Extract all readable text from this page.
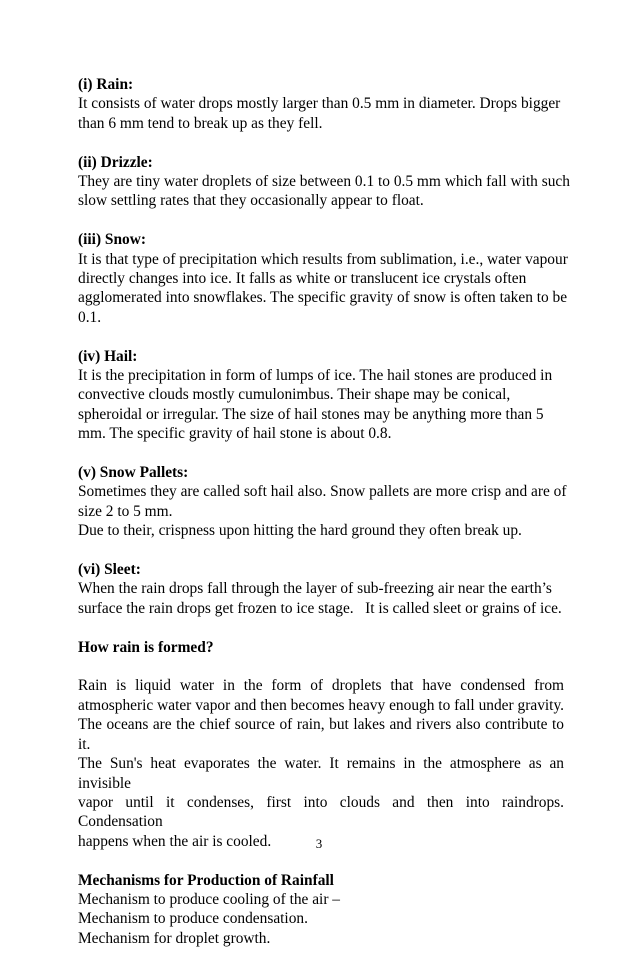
(i) Rain:
It consists of water drops mostly larger than 0.5 mm in diameter. Drops bigger
than 6 mm tend to break up as they fell.
(ii) Drizzle:
They are tiny water droplets of size between 0.1 to 0.5 mm which fall with such
slow settling rates that they occasionally appear to float.
(iii) Snow:
It is that type of precipitation which results from sublimation, i.e., water vapour
directly changes into ice. It falls as white or translucent ice crystals often
agglomerated into snowflakes. The specific gravity of snow is often taken to be
0.1.
(iv) Hail:
It is the precipitation in form of lumps of ice. The hail stones are produced in
convective clouds mostly cumulonimbus. Their shape may be conical,
spheroidal or irregular. The size of hail stones may be anything more than 5
mm. The specific gravity of hail stone is about 0.8.
(v) Snow Pallets:
Sometimes they are called soft hail also. Snow pallets are more crisp and are of
size 2 to 5 mm.
Due to their, crispness upon hitting the hard ground they often break up.
(vi) Sleet:
When the rain drops fall through the layer of sub-freezing air near the earth’s
surface the rain drops get frozen to ice stage.   It is called sleet or grains of ice.
How rain is formed?
Rain is liquid water in the form of droplets that have condensed from
atmospheric water vapor and then becomes heavy enough to fall under gravity.
The oceans are the chief source of rain, but lakes and rivers also contribute to it.
The Sun's heat evaporates the water. It remains in the atmosphere as an invisible
vapor until it condenses, first into clouds and then into raindrops. Condensation
happens when the air is cooled.
Mechanisms for Production of Rainfall
Mechanism to produce cooling of the air –
Mechanism to produce condensation.
Mechanism for droplet growth.
3
